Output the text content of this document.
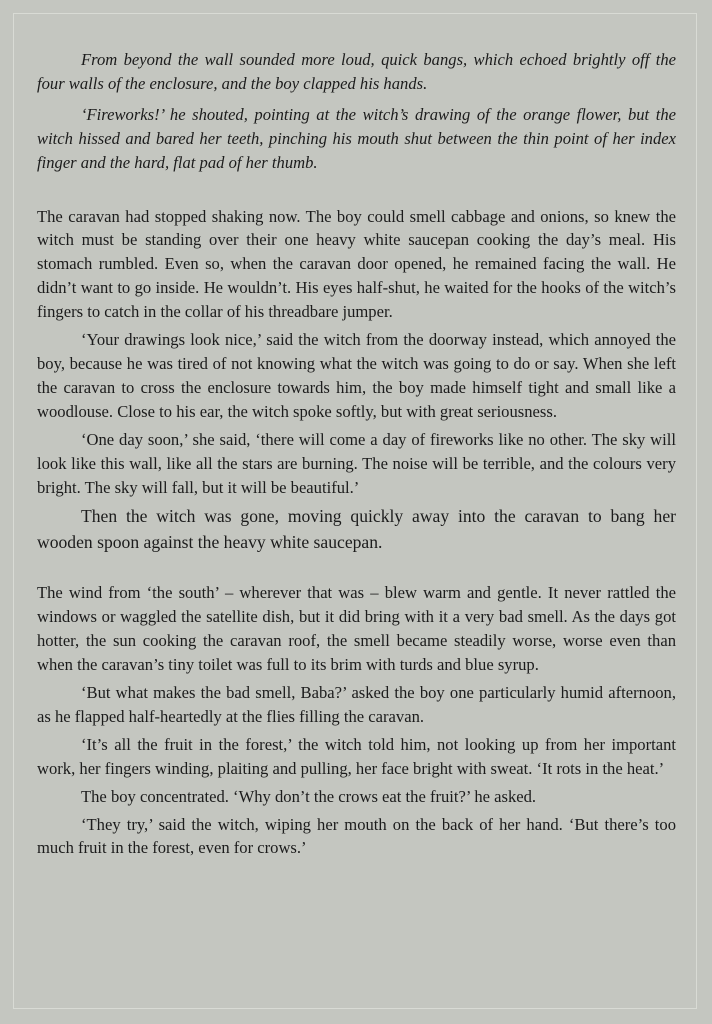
From beyond the wall sounded more loud, quick bangs, which echoed brightly off the four walls of the enclosure, and the boy clapped his hands.

‘Fireworks!’ he shouted, pointing at the witch’s drawing of the orange flower, but the witch hissed and bared her teeth, pinching his mouth shut between the thin point of her index finger and the hard, flat pad of her thumb.

The caravan had stopped shaking now. The boy could smell cabbage and onions, so knew the witch must be standing over their one heavy white saucepan cooking the day’s meal. His stomach rumbled. Even so, when the caravan door opened, he remained facing the wall. He didn’t want to go inside. He wouldn’t. His eyes half-shut, he waited for the hooks of the witch’s fingers to catch in the collar of his threadbare jumper.

‘Your drawings look nice,’ said the witch from the doorway instead, which annoyed the boy, because he was tired of not knowing what the witch was going to do or say. When she left the caravan to cross the enclosure towards him, the boy made himself tight and small like a woodlouse. Close to his ear, the witch spoke softly, but with great seriousness.

‘One day soon,’ she said, ‘there will come a day of fireworks like no other. The sky will look like this wall, like all the stars are burning. The noise will be terrible, and the colours very bright. The sky will fall, but it will be beautiful.’

Then the witch was gone, moving quickly away into the caravan to bang her wooden spoon against the heavy white saucepan.

The wind from ‘the south’ – wherever that was – blew warm and gentle. It never rattled the windows or waggled the satellite dish, but it did bring with it a very bad smell. As the days got hotter, the sun cooking the caravan roof, the smell became steadily worse, worse even than when the caravan’s tiny toilet was full to its brim with turds and blue syrup.

‘But what makes the bad smell, Baba?’ asked the boy one particularly humid afternoon, as he flapped half-heartedly at the flies filling the caravan.

‘It’s all the fruit in the forest,’ the witch told him, not looking up from her important work, her fingers winding, plaiting and pulling, her face bright with sweat. ‘It rots in the heat.’

The boy concentrated. ‘Why don’t the crows eat the fruit?’ he asked.

‘They try,’ said the witch, wiping her mouth on the back of her hand. ‘But there’s too much fruit in the forest, even for crows.’
